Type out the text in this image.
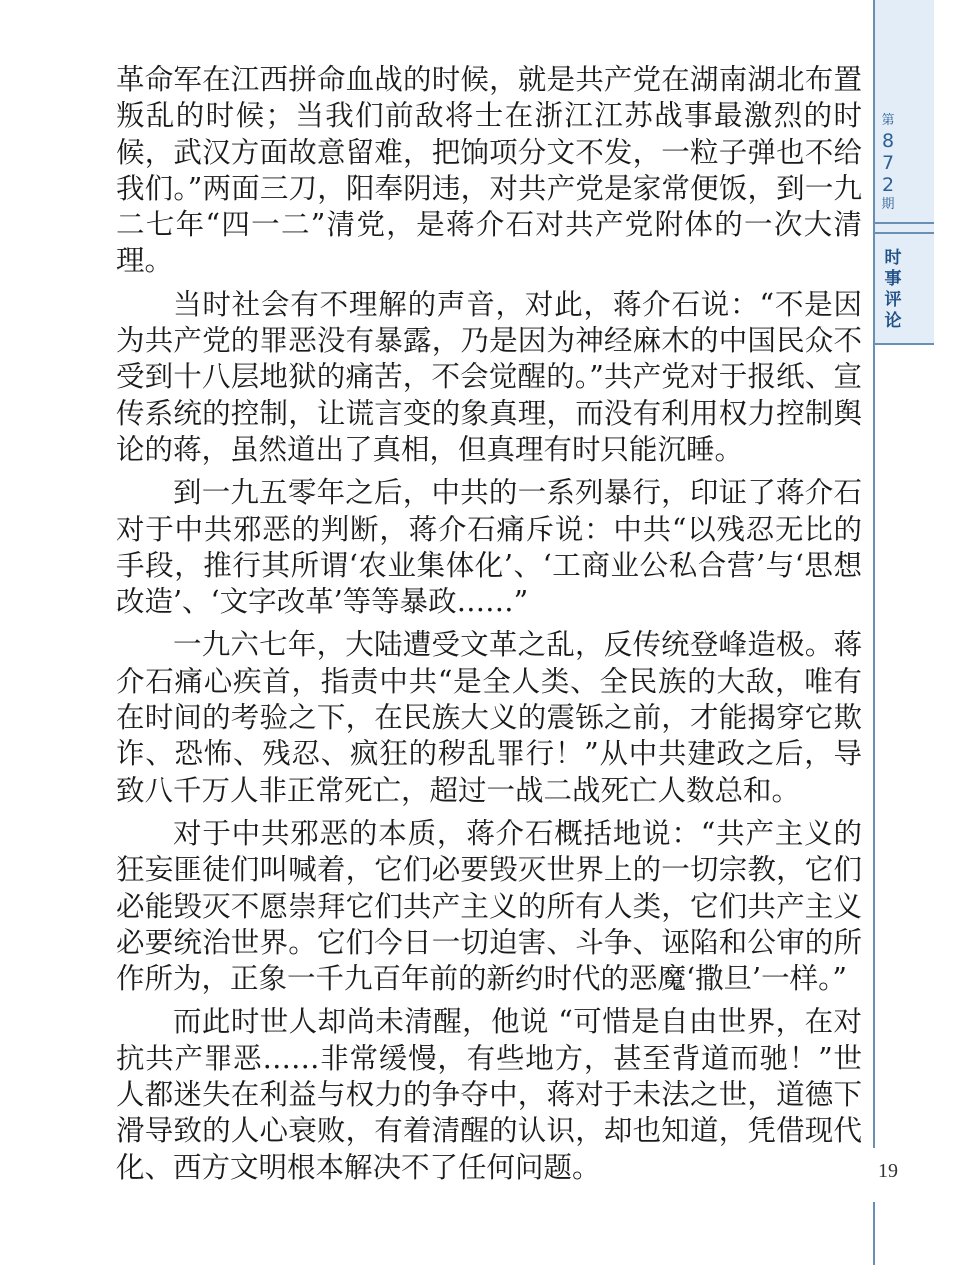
革命军在江西拼命血战的时候，就是共产党在湖南湖北布置叛乱的时候；当我们前敌将士在浙江江苏战事最激烈的时候，武汉方面故意留难，把饷项分文不发，一粒子弹也不给我们。”两面三刀，阳奉阴违，对共产党是家常便饭，到一九二七年“四一二”清党，是蒋介石对共产党附体的一次大清理。

当时社会有不理解的声音，对此，蒋介石说：“不是因为共产党的罪恶没有暴露，乃是因为神经麻木的中国民众不受到十八层地狱的痛苦，不会觉醒的。”共产党对于报纸、宣传系统的控制，让谎言变的象真理，而没有利用权力控制舆论的蒋，虽然道出了真相，但真理有时只能沉睡。

到一九五零年之后，中共的一系列暴行，印证了蒋介石对于中共邪恶的判断，蒋介石痛斥说：中共“以残忍无比的手段，推行其所谓‘农业集体化’、‘工商业公私合营’与‘思想改造’、‘文字改革’等等暴政……”

一九六七年，大陆遭受文革之乱，反传统登峰造极。蒋介石痛心疾首，指责中共“是全人类、全民族的大敌，唯有在时间的考验之下，在民族大义的震铄之前，才能揭穿它欺诈、恐怖、残忍、疯狂的秽乱罪行！”从中共建政之后，导致八千万人非正常死亡，超过一战二战死亡人数总和。

对于中共邪恶的本质，蒋介石概括地说：“共产主义的狂妄匪徒们叫喊着，它们必要毁灭世界上的一切宗教，它们必能毁灭不愿崇拜它们共产主义的所有人类，它们共产主义必要统治世界。它们今日一切迫害、斗争、诬陷和公审的所作所为，正象一千九百年前的新约时代的恶魔‘撒旦’一样。”

而此时世人却尚未清醒，他说 “可惜是自由世界，在对抗共产罪恶……非常缓慢，有些地方，甚至背道而驰！”世人都迷失在利益与权力的争夺中，蒋对于未法之世，道德下滑导致的人心衰败，有着清醒的认识，却也知道，凭借现代化、西方文明根本解决不了任何问题。

第
8
7
2
期
时
事
评
论
19
